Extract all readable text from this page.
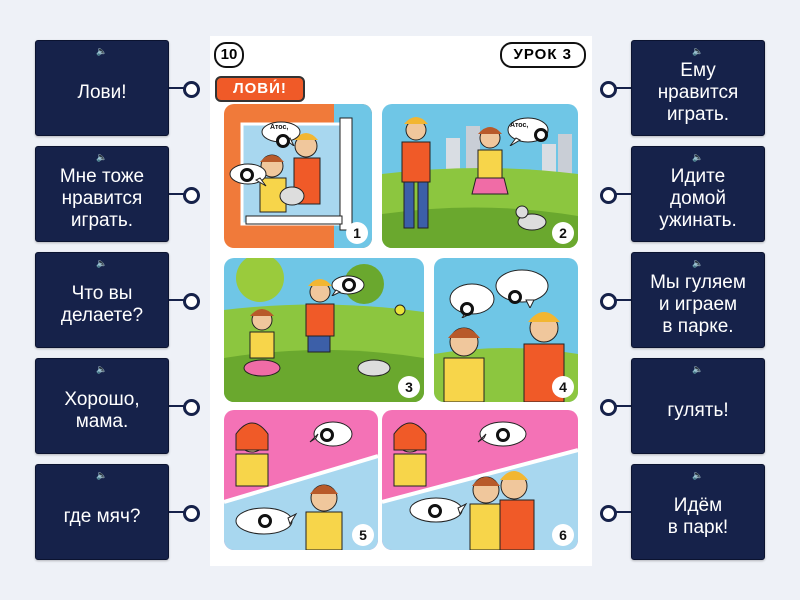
🔈
Лови!
🔈
Мне тоже
нравится
играть.
🔈
Что вы
делаете?
🔈
Хорошо,
мама.
🔈
где мяч?
🔈
Ему
нравится
играть.
🔈
Идите
домой
ужинать.
🔈
Мы гуляем
и играем
в парке.
🔈
гулять!
🔈
Идём
в парк!
10	УРОК 3
ЛОВИ́!
Атос,
1
Атос,
2
3	4
5	6
